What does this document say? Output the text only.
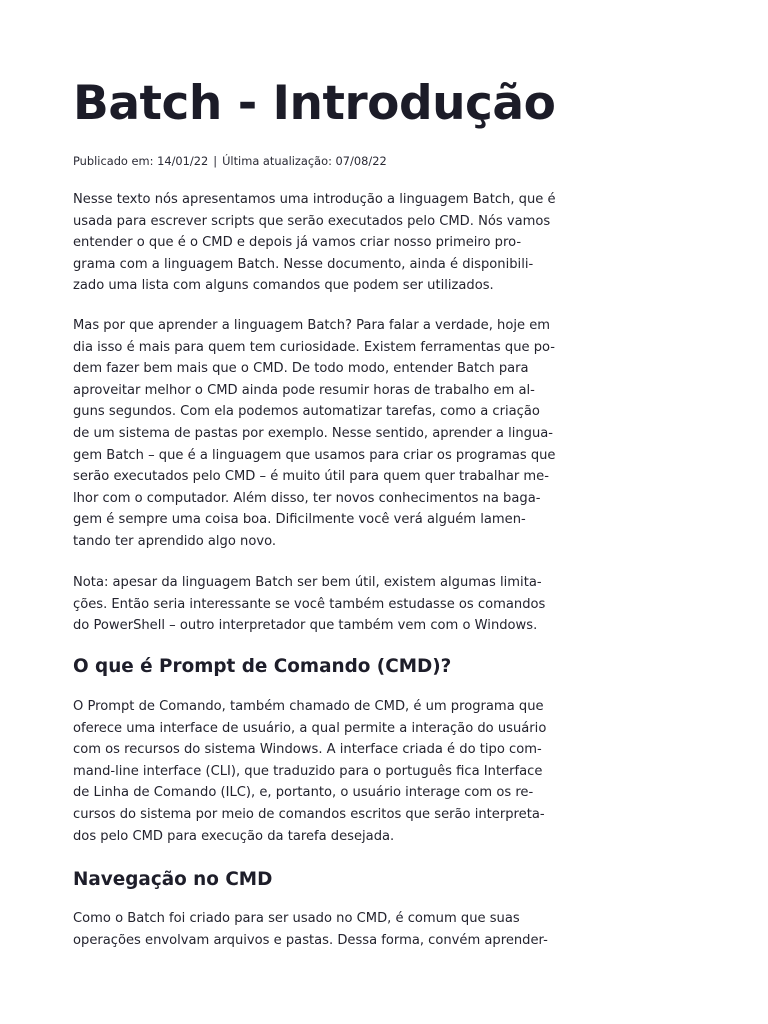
Batch - Introdução
Publicado em: 14/01/22 | Última atualização: 07/08/22

Nesse texto nós apresentamos uma introdução a linguagem Batch, que é
usada para escrever scripts que serão executados pelo CMD. Nós vamos
entender o que é o CMD e depois já vamos criar nosso primeiro pro-
grama com a linguagem Batch. Nesse documento, ainda é disponibili-
zado uma lista com alguns comandos que podem ser utilizados.

Mas por que aprender a linguagem Batch? Para falar a verdade, hoje em
dia isso é mais para quem tem curiosidade. Existem ferramentas que po-
dem fazer bem mais que o CMD. De todo modo, entender Batch para
aproveitar melhor o CMD ainda pode resumir horas de trabalho em al-
guns segundos. Com ela podemos automatizar tarefas, como a criação
de um sistema de pastas por exemplo. Nesse sentido, aprender a lingua-
gem Batch – que é a linguagem que usamos para criar os programas que
serão executados pelo CMD – é muito útil para quem quer trabalhar me-
lhor com o computador. Além disso, ter novos conhecimentos na baga-
gem é sempre uma coisa boa. Dificilmente você verá alguém lamen-
tando ter aprendido algo novo.

Nota: apesar da linguagem Batch ser bem útil, existem algumas limita-
ções. Então seria interessante se você também estudasse os comandos
do PowerShell – outro interpretador que também vem com o Windows.

O que é Prompt de Comando (CMD)?

O Prompt de Comando, também chamado de CMD, é um programa que
oferece uma interface de usuário, a qual permite a interação do usuário
com os recursos do sistema Windows. A interface criada é do tipo com-
mand-line interface (CLI), que traduzido para o português fica Interface
de Linha de Comando (ILC), e, portanto, o usuário interage com os re-
cursos do sistema por meio de comandos escritos que serão interpreta-
dos pelo CMD para execução da tarefa desejada.

Navegação no CMD

Como o Batch foi criado para ser usado no CMD, é comum que suas
operações envolvam arquivos e pastas. Dessa forma, convém aprender-
